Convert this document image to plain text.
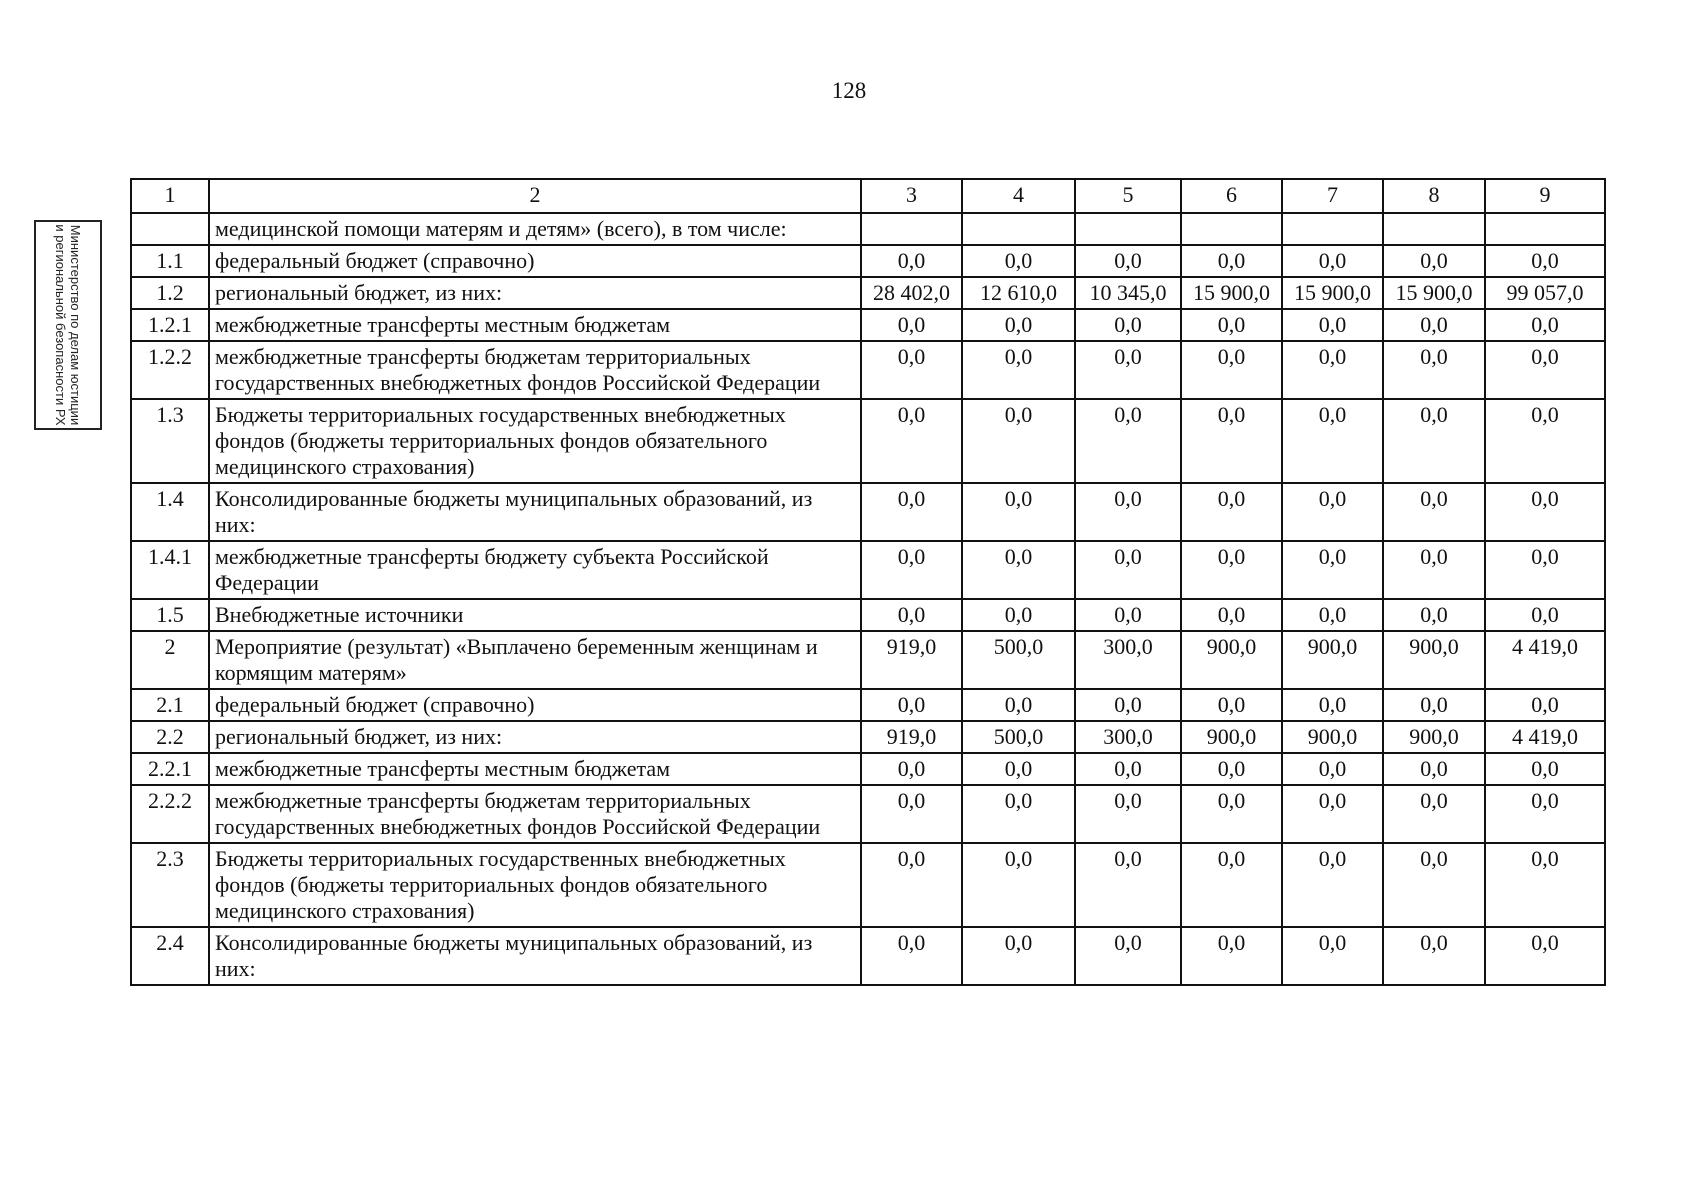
128
Министерство по делам юстиции и региональной безопасности РХ
1	2	3	4	5	6	7	8	9
	медицинской помощи матерям и детям» (всего), в том числе:							
1.1	федеральный бюджет (справочно)	0,0	0,0	0,0	0,0	0,0	0,0	0,0
1.2	региональный бюджет, из них:	28 402,0	12 610,0	10 345,0	15 900,0	15 900,0	15 900,0	99 057,0
1.2.1	межбюджетные трансферты местным бюджетам	0,0	0,0	0,0	0,0	0,0	0,0	0,0
1.2.2	межбюджетные трансферты бюджетам территориальных государственных внебюджетных фондов Российской Федерации	0,0	0,0	0,0	0,0	0,0	0,0	0,0
1.3	Бюджеты территориальных государственных внебюджетных фондов (бюджеты территориальных фондов обязательного медицинского страхования)	0,0	0,0	0,0	0,0	0,0	0,0	0,0
1.4	Консолидированные бюджеты муниципальных образований, из них:	0,0	0,0	0,0	0,0	0,0	0,0	0,0
1.4.1	межбюджетные трансферты бюджету субъекта Российской Федерации	0,0	0,0	0,0	0,0	0,0	0,0	0,0
1.5	Внебюджетные источники	0,0	0,0	0,0	0,0	0,0	0,0	0,0
2	Мероприятие (результат) «Выплачено беременным женщинам и кормящим матерям»	919,0	500,0	300,0	900,0	900,0	900,0	4 419,0
2.1	федеральный бюджет (справочно)	0,0	0,0	0,0	0,0	0,0	0,0	0,0
2.2	региональный бюджет, из них:	919,0	500,0	300,0	900,0	900,0	900,0	4 419,0
2.2.1	межбюджетные трансферты местным бюджетам	0,0	0,0	0,0	0,0	0,0	0,0	0,0
2.2.2	межбюджетные трансферты бюджетам территориальных государственных внебюджетных фондов Российской Федерации	0,0	0,0	0,0	0,0	0,0	0,0	0,0
2.3	Бюджеты территориальных государственных внебюджетных фондов (бюджеты территориальных фондов обязательного медицинского страхования)	0,0	0,0	0,0	0,0	0,0	0,0	0,0
2.4	Консолидированные бюджеты муниципальных образований, из них:	0,0	0,0	0,0	0,0	0,0	0,0	0,0
